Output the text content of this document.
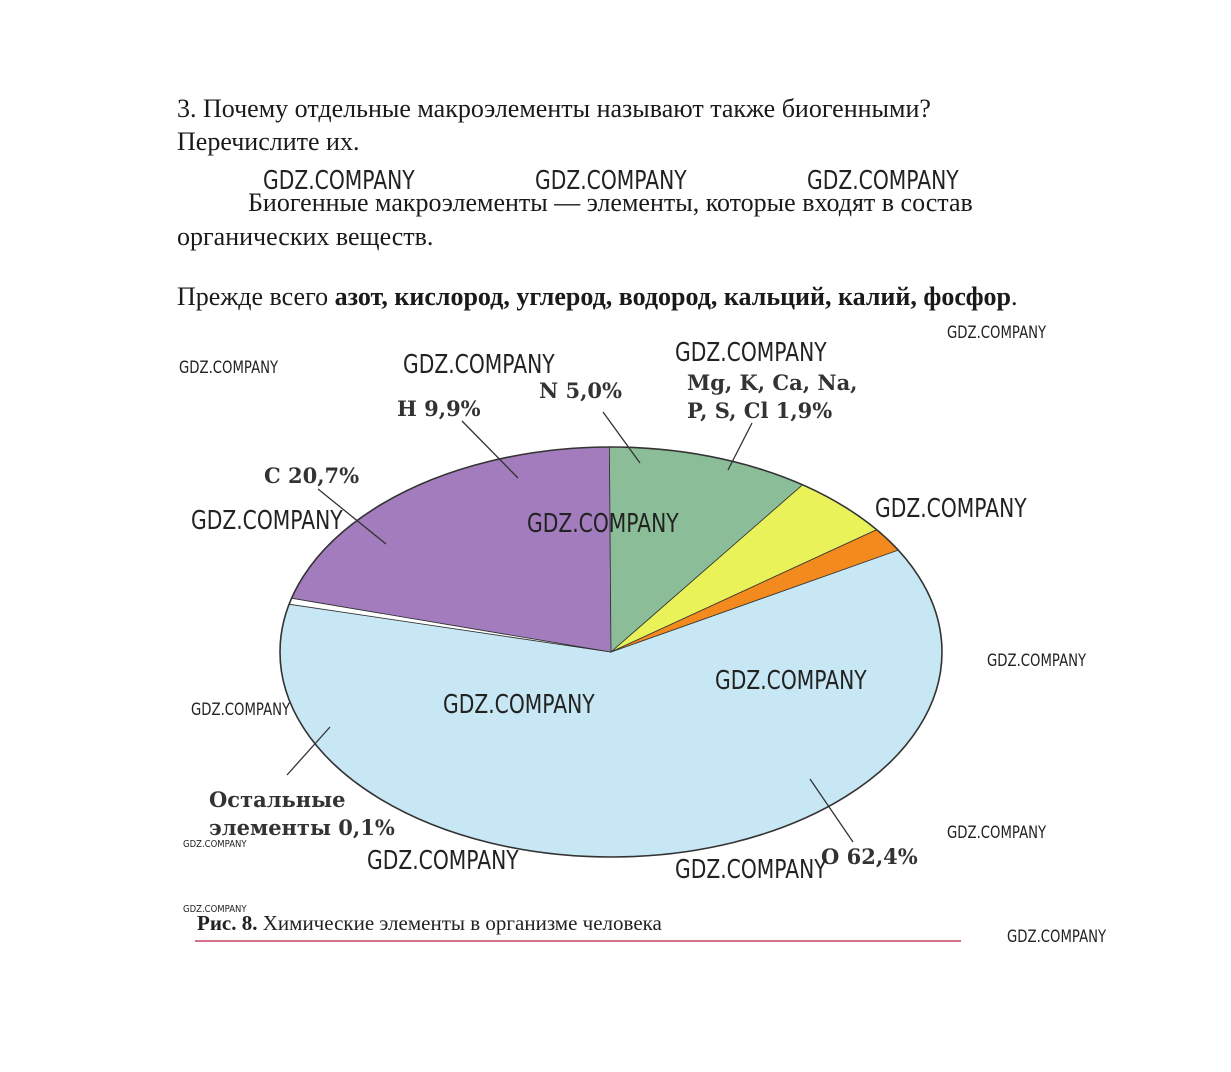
3. Почему отдельные макроэлементы называют также биогенными? Перечислите их.
Биогенные макроэлементы — элементы, которые входят в состав
органических веществ.
Прежде всего азот, кислород, углерод, водород, кальций, калий, фосфор.
H 9,9%
N 5,0%	Mg, K, Ca, Na,
P, S, Cl 1,9%
C 20,7%
Остальные
элементы 0,1%
O 62,4%
Рис. 8. Химические элементы в организме человека
GDZ.COMPANY	GDZ.COMPANY	GDZ.COMPANY
GDZ.COMPANY
GDZ.COMPANY	GDZ.COMPANY	GDZ.COMPANY
GDZ.COMPANY
GDZ.COMPANY	GDZ.COMPANY
GDZ.COMPANY
GDZ.COMPANY
GDZ.COMPANY
GDZ.COMPANY
GDZ.COMPANY
GDZ.COMPANY
GDZ.COMPANY	GDZ.COMPANY
GDZ.COMPANY
GDZ.COMPANY
